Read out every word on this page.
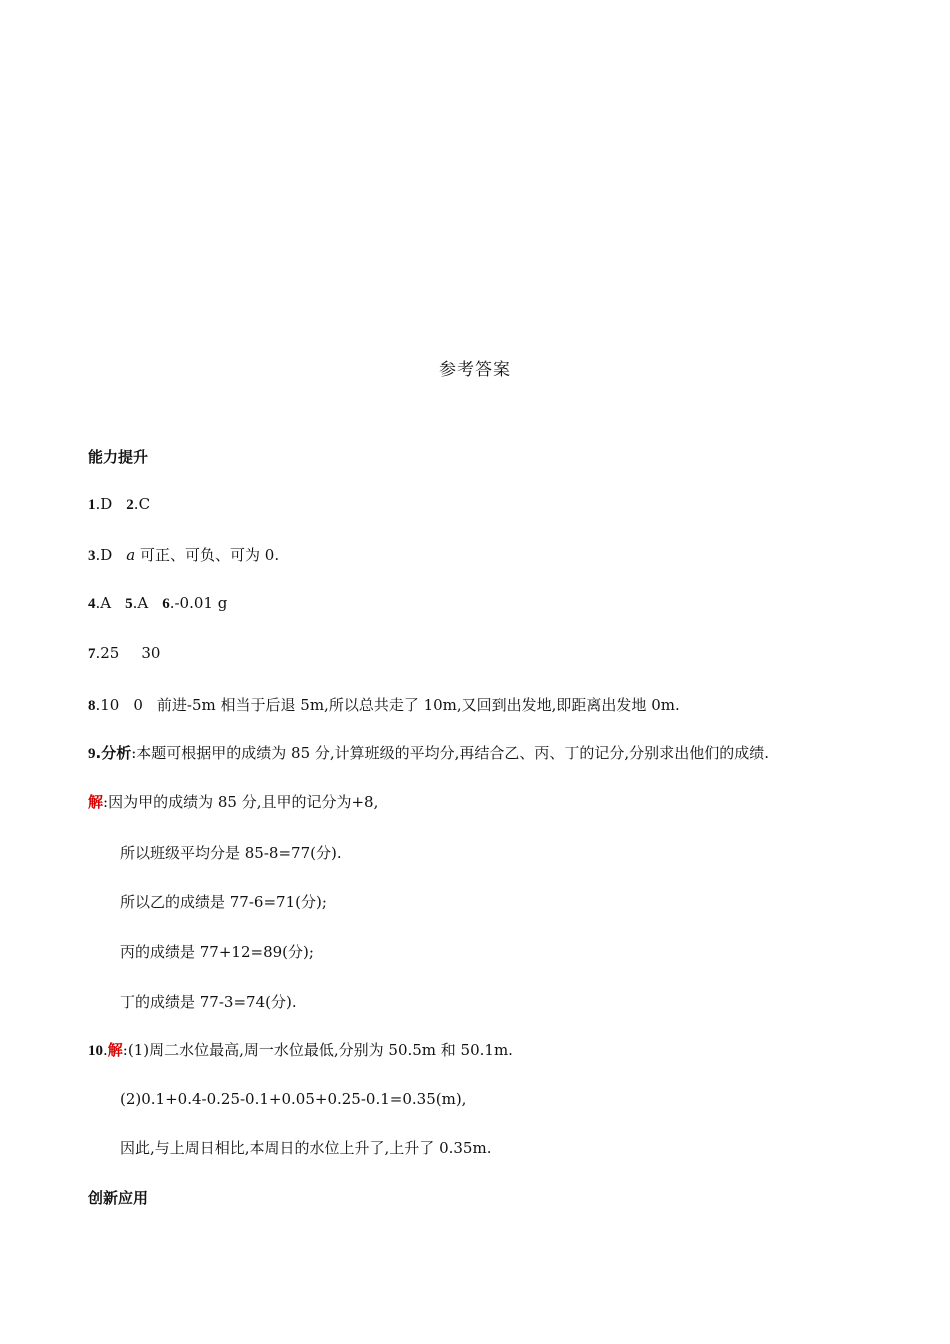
参考答案
能力提升
1.D 2.C
3.D a 可正、可负、可为 0.
4.A 5.A 6.-0.01 g
7.25 30
8.10 0 前进-5m 相当于后退 5m,所以总共走了 10m,又回到出发地,即距离出发地 0m.
9.分析:本题可根据甲的成绩为 85 分,计算班级的平均分,再结合乙、丙、丁的记分,分别求出他们的成绩.
解:因为甲的成绩为 85 分,且甲的记分为+8,
所以班级平均分是 85-8=77(分).
所以乙的成绩是 77-6=71(分);
丙的成绩是 77+12=89(分);
丁的成绩是 77-3=74(分).
10.解:(1)周二水位最高,周一水位最低,分别为 50.5m 和 50.1m.
(2)0.1+0.4-0.25-0.1+0.05+0.25-0.1=0.35(m),
因此,与上周日相比,本周日的水位上升了,上升了 0.35m.
创新应用
